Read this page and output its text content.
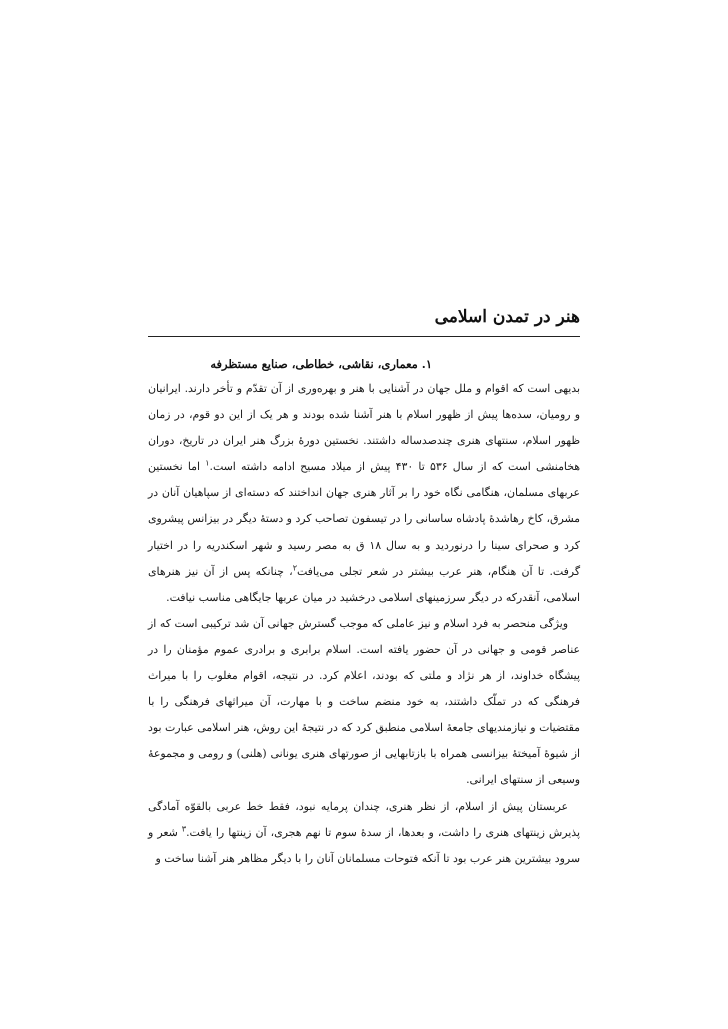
هنر در تمدن اسلامی
۱. معماری، نقاشی، خطاطی، صنایع مستظرفه

بدیهی است که اقوام و ملل جهان در آشنایی با هنر و بهره‌وری از آن تقدّم و تأخر دارند. ایرانیان و رومیان، سده‌ها پیش از ظهور اسلام با هنر آشنا شده بودند و هر یک از این دو قوم، در زمان ظهور اسلام، سنتهای هنری چندصدساله داشتند. نخستین دورهٔ بزرگ هنر ایران در تاریخ، دوران هخامنشی است که از سال ۵۳۶ تا ۴۳۰ پیش از میلاد مسیح ادامه داشته است.$^۱$ اما نخستین عربهای مسلمان، هنگامی نگاه خود را بر آثار هنری جهان انداختند که دسته‌ای از سپاهیان آنان در مشرق، کاخ رهاشدهٔ پادشاه ساسانی را در تیسفون تصاحب کرد و دستهٔ دیگر در بیزانس پیشروی کرد و صحرای سینا را درنوردید و به سال ۱۸ ق به مصر رسید و شهر اسکندریه را در اختیار گرفت. تا آن هنگام، هنر عرب بیشتر در شعر تجلی می‌یافت$^۲$، چنانکه پس از آن نیز هنرهای اسلامی، آنقدرکه در دیگر سرزمینهای اسلامی درخشید در میان عربها جایگاهی مناسب نیافت.

ویژگی منحصر به فرد اسلام و نیز عاملی که موجب گسترش جهانی آن شد ترکیبی است که از عناصر قومی و جهانی در آن حضور یافته است. اسلام برابری و برادری عموم مؤمنان را در پیشگاه خداوند، از هر نژاد و ملتی که بودند، اعلام کرد. در نتیجه، اقوام مغلوب را با میراث فرهنگی که در تملّک داشتند، به خود منضم ساخت و با مهارت، آن میراثهای فرهنگی را با مقتضیات و نیازمندیهای جامعهٔ اسلامی منطبق کرد که در نتیجهٔ این روش، هنر اسلامی عبارت بود از شیوهٔ آمیختهٔ بیزانسی همراه با بازتابهایی از صورتهای هنری یونانی (هلنی) و رومی و مجموعهٔ وسیعی از سنتهای ایرانی.

عربستان پیش از اسلام، از نظر هنری، چندان پرمایه نبود، فقط خط عربی بالقوّه آمادگی پذیرش زینتهای هنری را داشت، و بعدها، از سدهٔ سوم تا نهم هجری، آن زینتها را یافت.$^۳$ شعر و سرود بیشترین هنر عرب بود تا آنکه فتوحات مسلمانان آنان را با دیگر مظاهر هنر آشنا ساخت و
